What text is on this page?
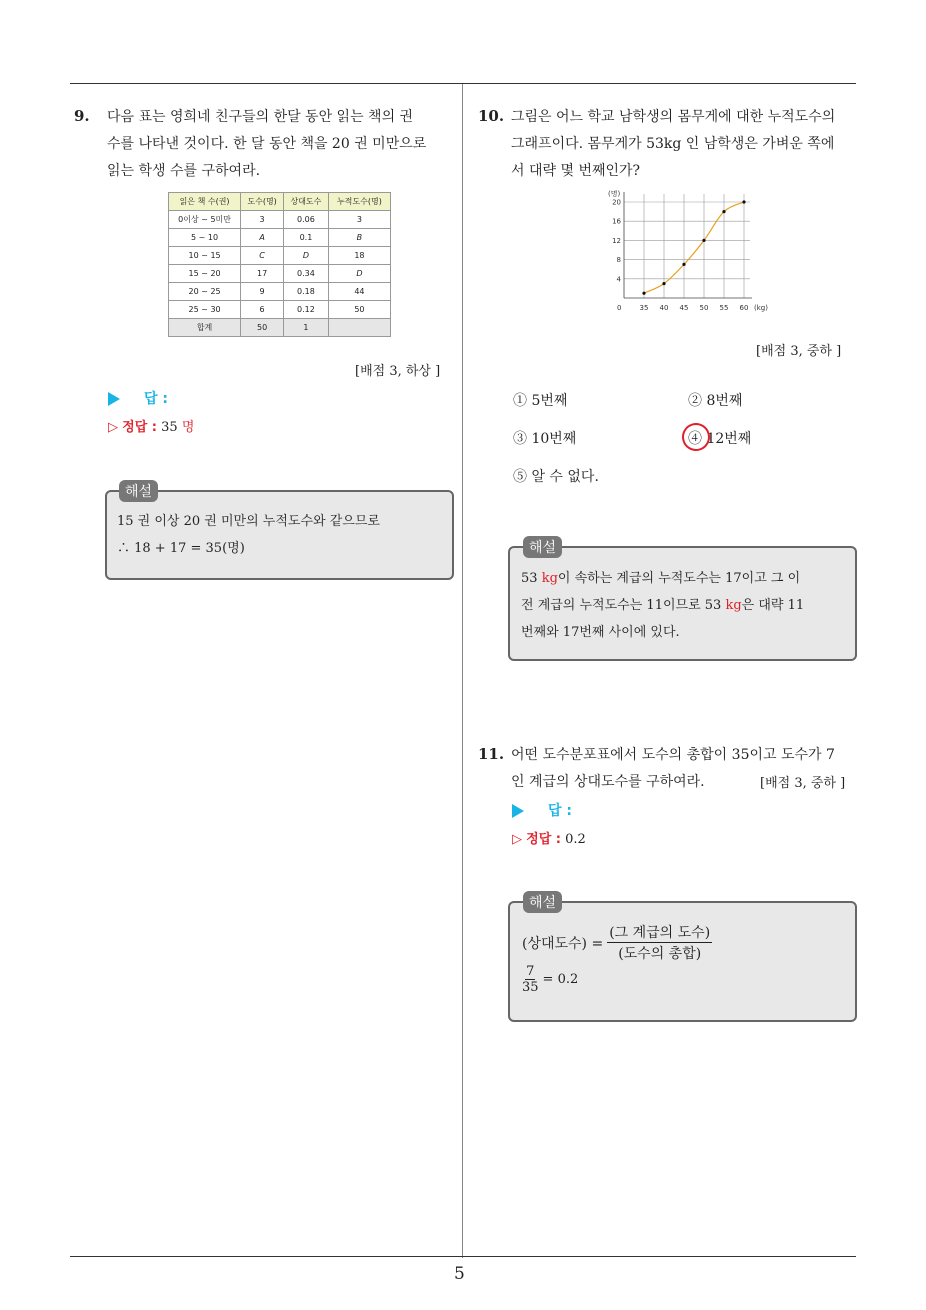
9. 다음 표는 영희네 친구들의 한달 동안 읽는 책의 권
수를 나타낸 것이다. 한 달 동안 책을 20 권 미만으로
읽는 학생 수를 구하여라.
읽은 책 수(권)	도수(명)	상대도수	누적도수(명)
0이상 ~ 5미만	3	0.06	3
5 ~ 10	A	0.1	B
10 ~ 15	C	D	18
15 ~ 20	17	0.34	D
20 ~ 25	9	0.18	44
25 ~ 30	6	0.12	50
합계	50	1	
[배점 3, 하상 ]
답 :
▷ 정답 : 35 명
해설
15 권 이상 20 권 미만의 누적도수와 같으므로
∴ 18 + 17 = 35(명)
10. 그림은 어느 학교 남학생의 몸무게에 대한 누적도수의
그래프이다. 몸무게가 53kg 인 남학생은 가벼운 쪽에
서 대략 몇 번째인가?
4
8
12
16
20
35 40 45 50 55 60
(명)
(kg)
0
[배점 3, 중하 ]
① 5번째	② 8번째
③ 10번째	④ 12번째
⑤ 알 수 없다.
해설
53 kg이 속하는 계급의 누적도수는 17이고 그 이
전 계급의 누적도수는 11이므로 53 kg은 대략 11
번째와 17번째 사이에 있다.
11. 어떤 도수분포표에서 도수의 총합이 35이고 도수가 7
인 계급의 상대도수를 구하여라.	[배점 3, 중하 ]
답 :
▷ 정답 : 0.2
해설
(상대도수) =
(그 계급의 도수)
(도수의 총합)
$\frac{7}{35} = 0.2$
5
